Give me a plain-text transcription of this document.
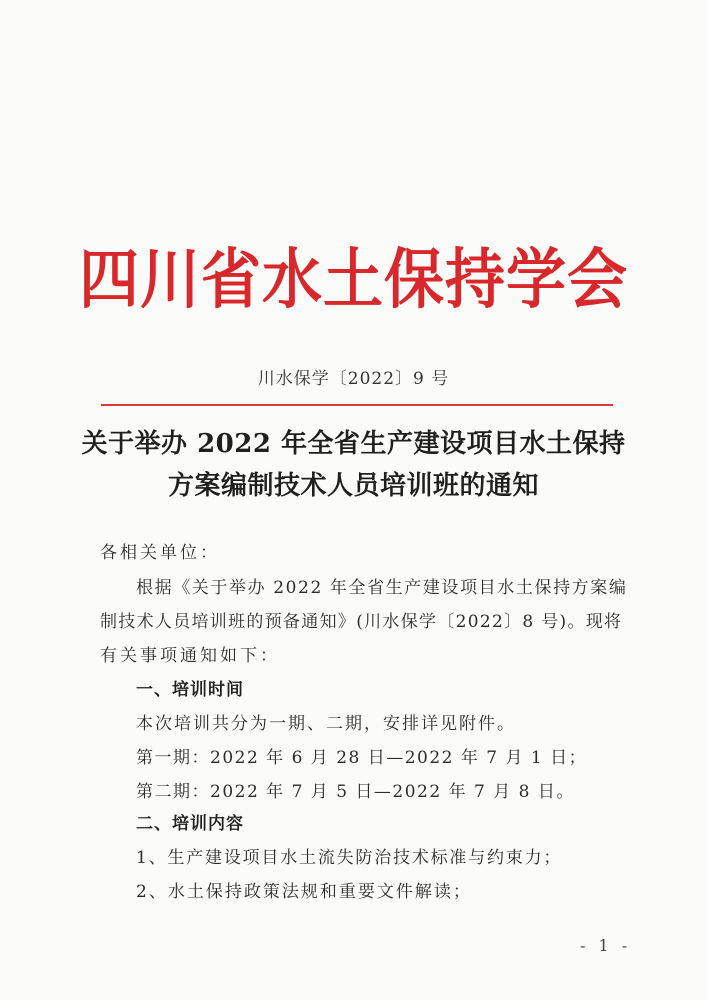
四川省水土保持学会
川水保学〔2022〕9 号
关于举办 2022 年全省生产建设项目水土保持
方案编制技术人员培训班的通知
各相关单位：
根据《关于举办 2022 年全省生产建设项目水土保持方案编
制技术人员培训班的预备通知》(川水保学〔2022〕8 号)。现将
有关事项通知如下：
一、培训时间
本次培训共分为一期、二期，安排详见附件。
第一期：2022 年 6 月 28 日—2022 年 7 月 1 日；
第二期：2022 年 7 月 5 日—2022 年 7 月 8 日。
二、培训内容
1、生产建设项目水土流失防治技术标准与约束力；
2、水土保持政策法规和重要文件解读；
- 1 -
